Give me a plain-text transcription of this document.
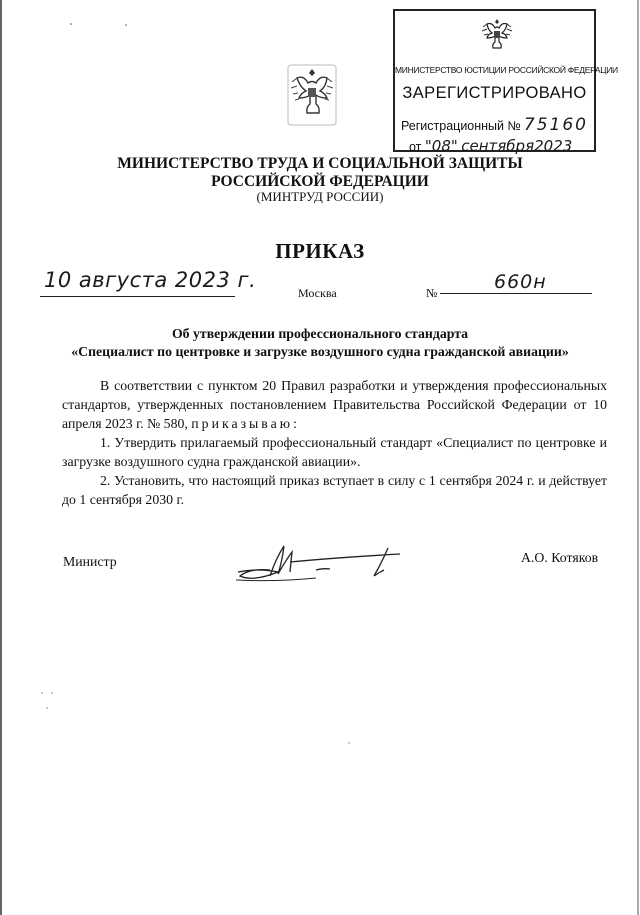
МИНИСТЕРСТВО ЮСТИЦИИ РОССИЙСКОЙ ФЕДЕРАЦИИ
ЗАРЕГИСТРИРОВАНО
Регистрационный № 75160
от "08" сентября2023
МИНИСТЕРСТВО ТРУДА И СОЦИАЛЬНОЙ ЗАЩИТЫ
РОССИЙСКОЙ ФЕДЕРАЦИИ
(МИНТРУД РОССИИ)
ПРИКАЗ
10 августа 2023 г.
Москва	№	660н
Об утверждении профессионального стандарта
«Специалист по центровке и загрузке воздушного судна гражданской авиации»

В соответствии с пунктом 20 Правил разработки и утверждения профессиональных стандартов, утвержденных постановлением Правительства Российской Федерации от 10 апреля 2023 г. № 580, приказываю:

1. Утвердить прилагаемый профессиональный стандарт «Специалист по центровке и загрузке воздушного судна гражданской авиации».

2. Установить, что настоящий приказ вступает в силу с 1 сентября 2024 г. и действует до 1 сентября 2030 г.

Министр	А.О. Котяков
